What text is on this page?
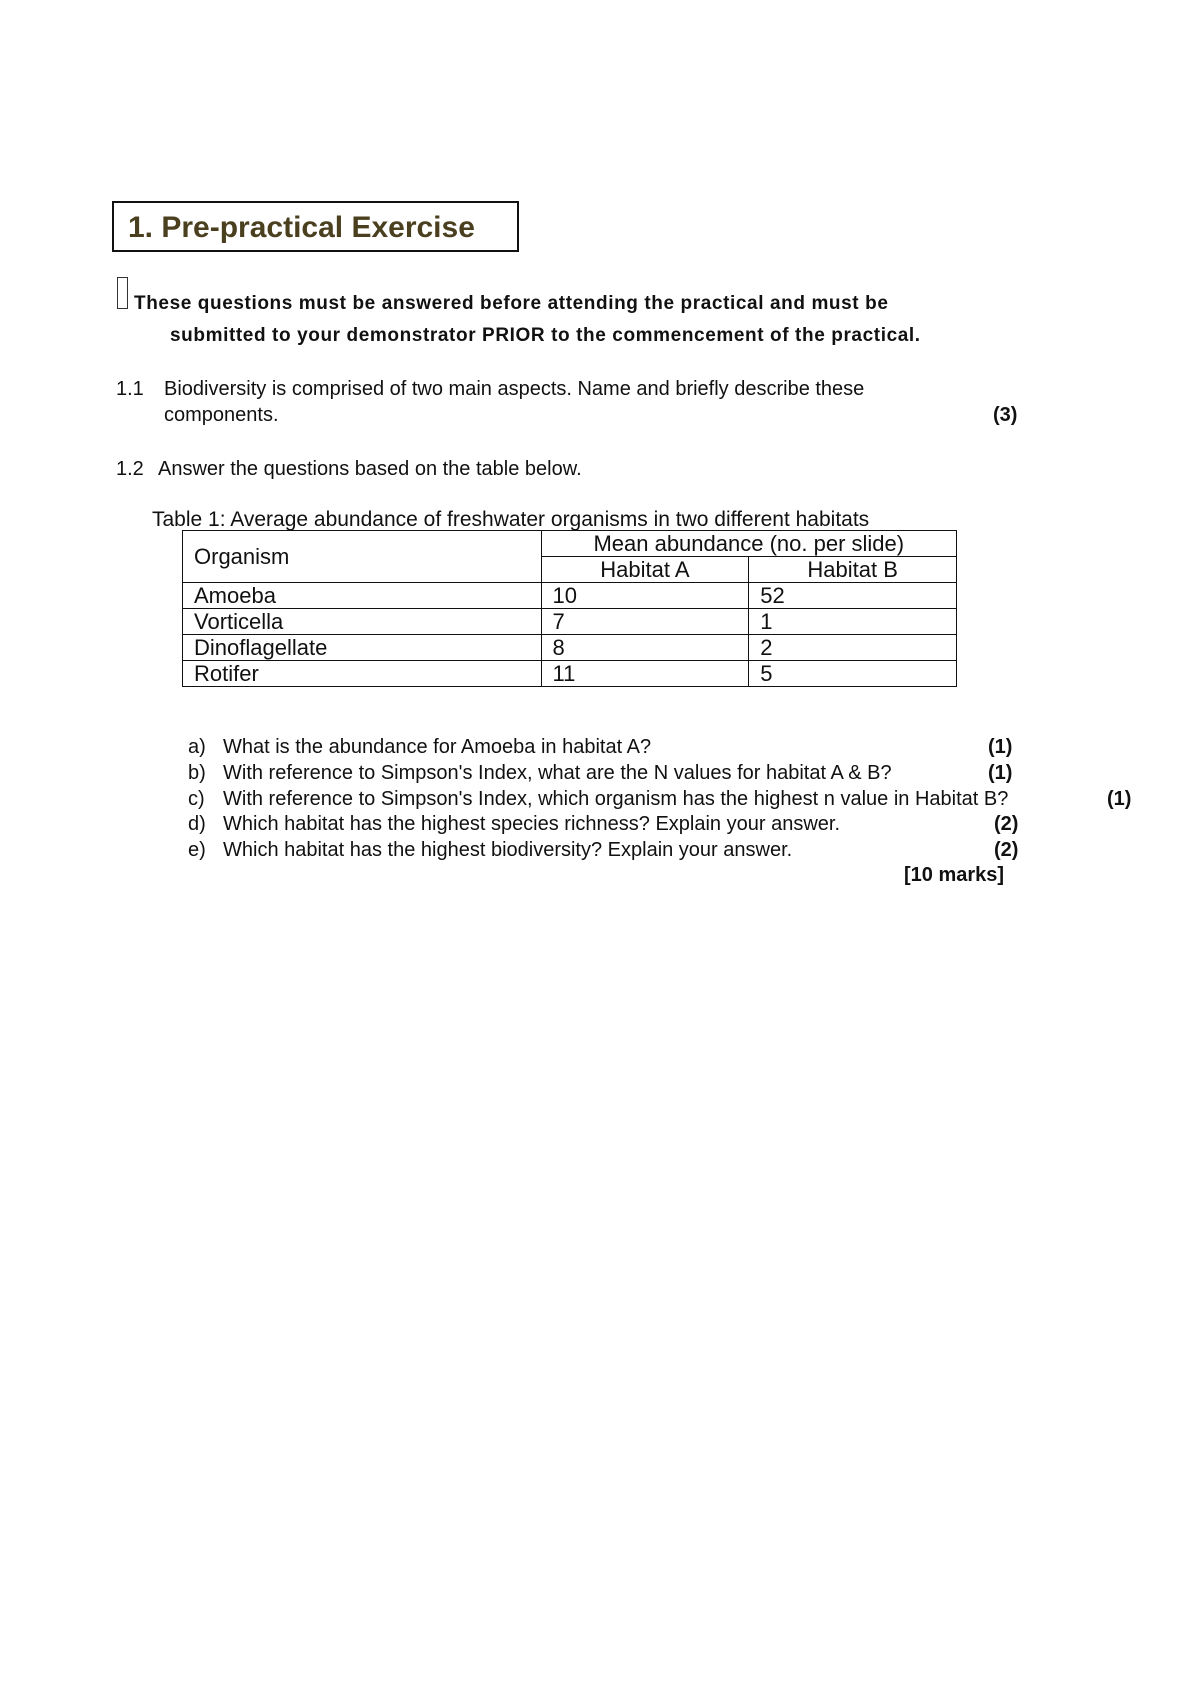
1. Pre-practical Exercise
These questions must be answered before attending the practical and must be
submitted to your demonstrator PRIOR to the commencement of the practical.
1.1 Biodiversity is comprised of two main aspects. Name and briefly describe these
components.	(3)
1.2 Answer the questions based on the table below.
Table 1: Average abundance of freshwater organisms in two different habitats
Organism	Mean abundance (no. per slide)	
	Habitat A	Habitat B
Amoeba	10	52
Vorticella	7	1
Dinoflagellate	8	2
Rotifer	11	5
a) What is the abundance for Amoeba in habitat A?	(1)
b) With reference to Simpson's Index, what are the N values for habitat A & B?	(1)
c) With reference to Simpson's Index, which organism has the highest n value in Habitat B?	(1)
d) Which habitat has the highest species richness? Explain your answer.	(2)
e) Which habitat has the highest biodiversity? Explain your answer.	(2)
[10 marks]
